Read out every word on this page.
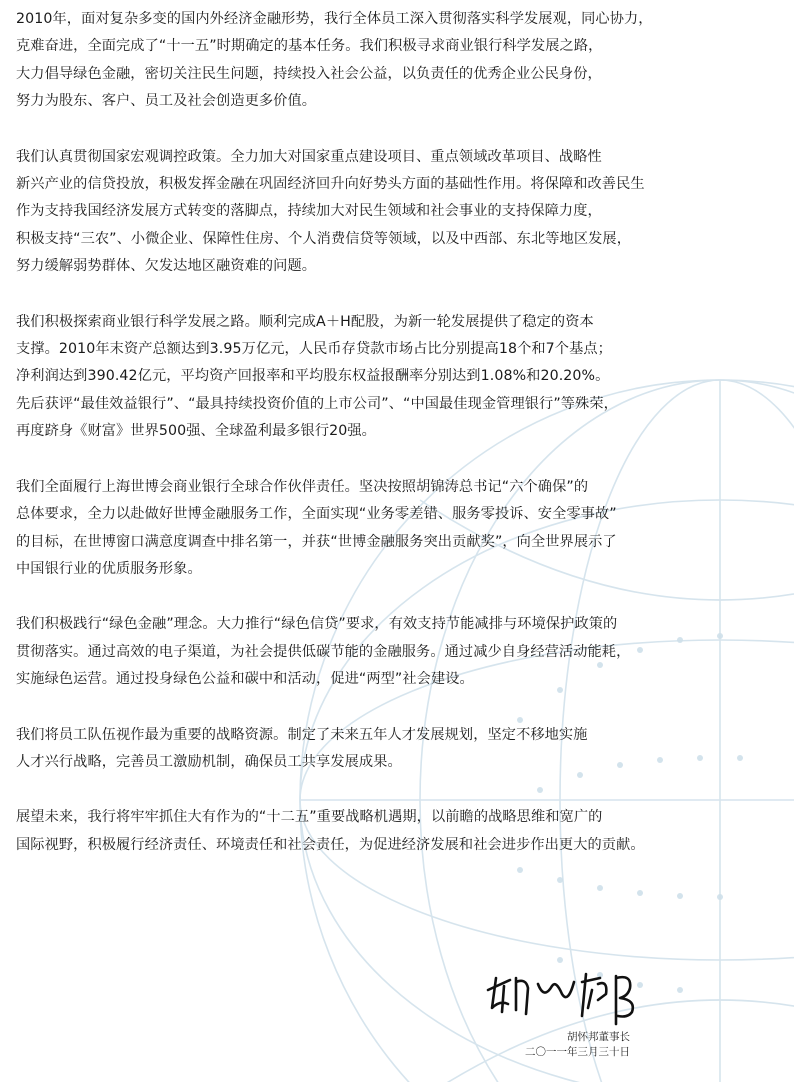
2010年，面对复杂多变的国内外经济金融形势，我行全体员工深入贯彻落实科学发展观，同心协力，
克难奋进，全面完成了“十一五”时期确定的基本任务。我们积极寻求商业银行科学发展之路，
大力倡导绿色金融，密切关注民生问题，持续投入社会公益，以负责任的优秀企业公民身份，
努力为股东、客户、员工及社会创造更多价值。

我们认真贯彻国家宏观调控政策。全力加大对国家重点建设项目、重点领域改革项目、战略性
新兴产业的信贷投放，积极发挥金融在巩固经济回升向好势头方面的基础性作用。将保障和改善民生
作为支持我国经济发展方式转变的落脚点，持续加大对民生领域和社会事业的支持保障力度，
积极支持“三农”、小微企业、保障性住房、个人消费信贷等领域，以及中西部、东北等地区发展，
努力缓解弱势群体、欠发达地区融资难的问题。

我们积极探索商业银行科学发展之路。顺利完成A＋H配股，为新一轮发展提供了稳定的资本
支撑。2010年末资产总额达到3.95万亿元，人民币存贷款市场占比分别提高18个和7个基点；
净利润达到390.42亿元，平均资产回报率和平均股东权益报酬率分别达到1.08%和20.20%。
先后获评“最佳效益银行”、“最具持续投资价值的上市公司”、“中国最佳现金管理银行”等殊荣，
再度跻身《财富》世界500强、全球盈利最多银行20强。

我们全面履行上海世博会商业银行全球合作伙伴责任。坚决按照胡锦涛总书记“六个确保”的
总体要求，全力以赴做好世博金融服务工作，全面实现“业务零差错、服务零投诉、安全零事故”
的目标，在世博窗口满意度调查中排名第一，并获“世博金融服务突出贡献奖”，向全世界展示了
中国银行业的优质服务形象。

我们积极践行“绿色金融”理念。大力推行“绿色信贷”要求，有效支持节能减排与环境保护政策的
贯彻落实。通过高效的电子渠道，为社会提供低碳节能的金融服务。通过减少自身经营活动能耗，
实施绿色运营。通过投身绿色公益和碳中和活动，促进“两型”社会建设。

我们将员工队伍视作最为重要的战略资源。制定了未来五年人才发展规划，坚定不移地实施
人才兴行战略，完善员工激励机制，确保员工共享发展成果。

展望未来，我行将牢牢抓住大有作为的“十二五”重要战略机遇期，以前瞻的战略思维和宽广的
国际视野，积极履行经济责任、环境责任和社会责任，为促进经济发展和社会进步作出更大的贡献。

胡怀邦董事长
二〇一一年三月三十日
